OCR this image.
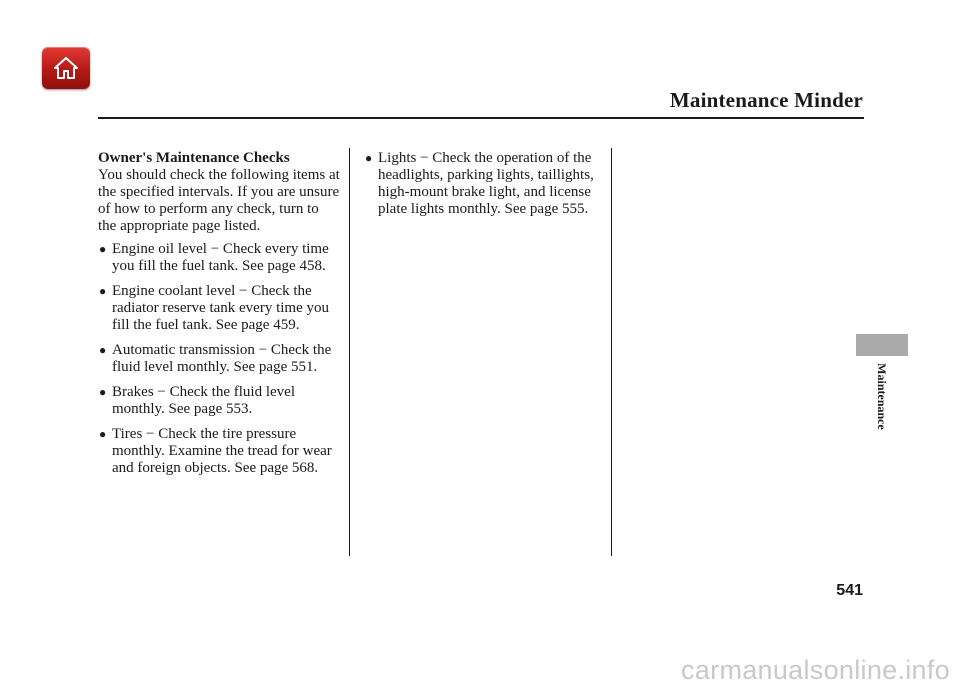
Maintenance Minder
Owner's Maintenance Checks

You should check the following items at the specified intervals. If you are unsure of how to perform any check, turn to the appropriate page listed.

● Engine oil level − Check every time you fill the fuel tank. See page 458.
● Engine coolant level − Check the radiator reserve tank every time you fill the fuel tank. See page 459.
● Automatic transmission − Check the fluid level monthly. See page 551.
● Brakes − Check the fluid level monthly. See page 553.
● Tires − Check the tire pressure monthly. Examine the tread for wear and foreign objects. See page 568.
● Lights − Check the operation of the headlights, parking lights, taillights, high-mount brake light, and license plate lights monthly. See page 555.
Maintenance
541
carmanualsonline.info
